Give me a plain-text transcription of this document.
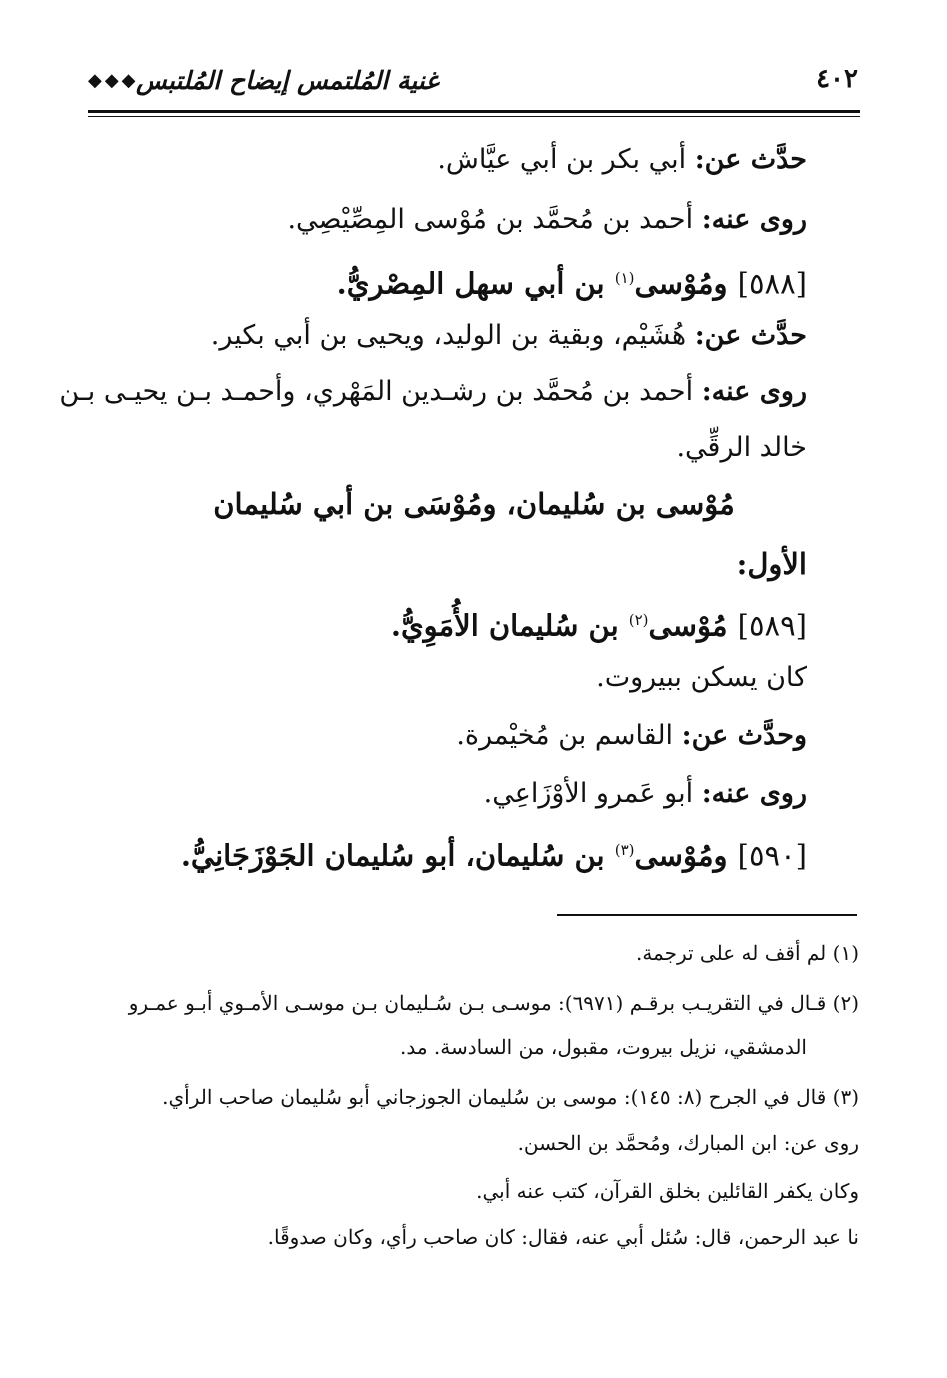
٤٠٢
غنية المُلتمس إيضاح المُلتبس
◆◆◆
حدَّث عن: أبي بكر بن أبي عيَّاش.
روى عنه: أحمد بن مُحمَّد بن مُوْسى المِصِّيْصِي.
[٥٨٨] ومُوْسى$^{(١)}$ بن أبي سهل المِصْريُّ.
حدَّث عن: هُشَيْم، وبقية بن الوليد، ويحيى بن أبي بكير.
روى عنه: أحمد بن مُحمَّد بن رشـدين المَهْري، وأحمـد بـن يحيـى بـن
خالد الرقِّي.
مُوْسى بن سُليمان، ومُوْسَى بن أبي سُليمان
الأول:
[٥٨٩] مُوْسى$^{(٢)}$ بن سُليمان الأُمَوِيُّ.
كان يسكن ببيروت.
وحدَّث عن: القاسم بن مُخيْمرة.
روى عنه: أبو عَمرو الأوْزَاعِي.
[٥٩٠] ومُوْسى$^{(٣)}$ بن سُليمان، أبو سُليمان الجَوْزَجَانِيُّ.
(١) لم أقف له على ترجمة.
(٢) قـال في التقريـب برقـم (٦٩٧١): موسـى بـن سُـليمان بـن موسـى الأمـوي أبـو عمـرو
الدمشقي، نزيل بيروت، مقبول، من السادسة. مد.
(٣) قال في الجرح (٨: ١٤٥): موسى بن سُليمان الجوزجاني أبو سُليمان صاحب الرأي.
روى عن: ابن المبارك، ومُحمَّد بن الحسن.
وكان يكفر القائلين بخلق القرآن، كتب عنه أبي.
نا عبد الرحمن، قال: سُئل أبي عنه، فقال: كان صاحب رأي، وكان صدوقًا.
